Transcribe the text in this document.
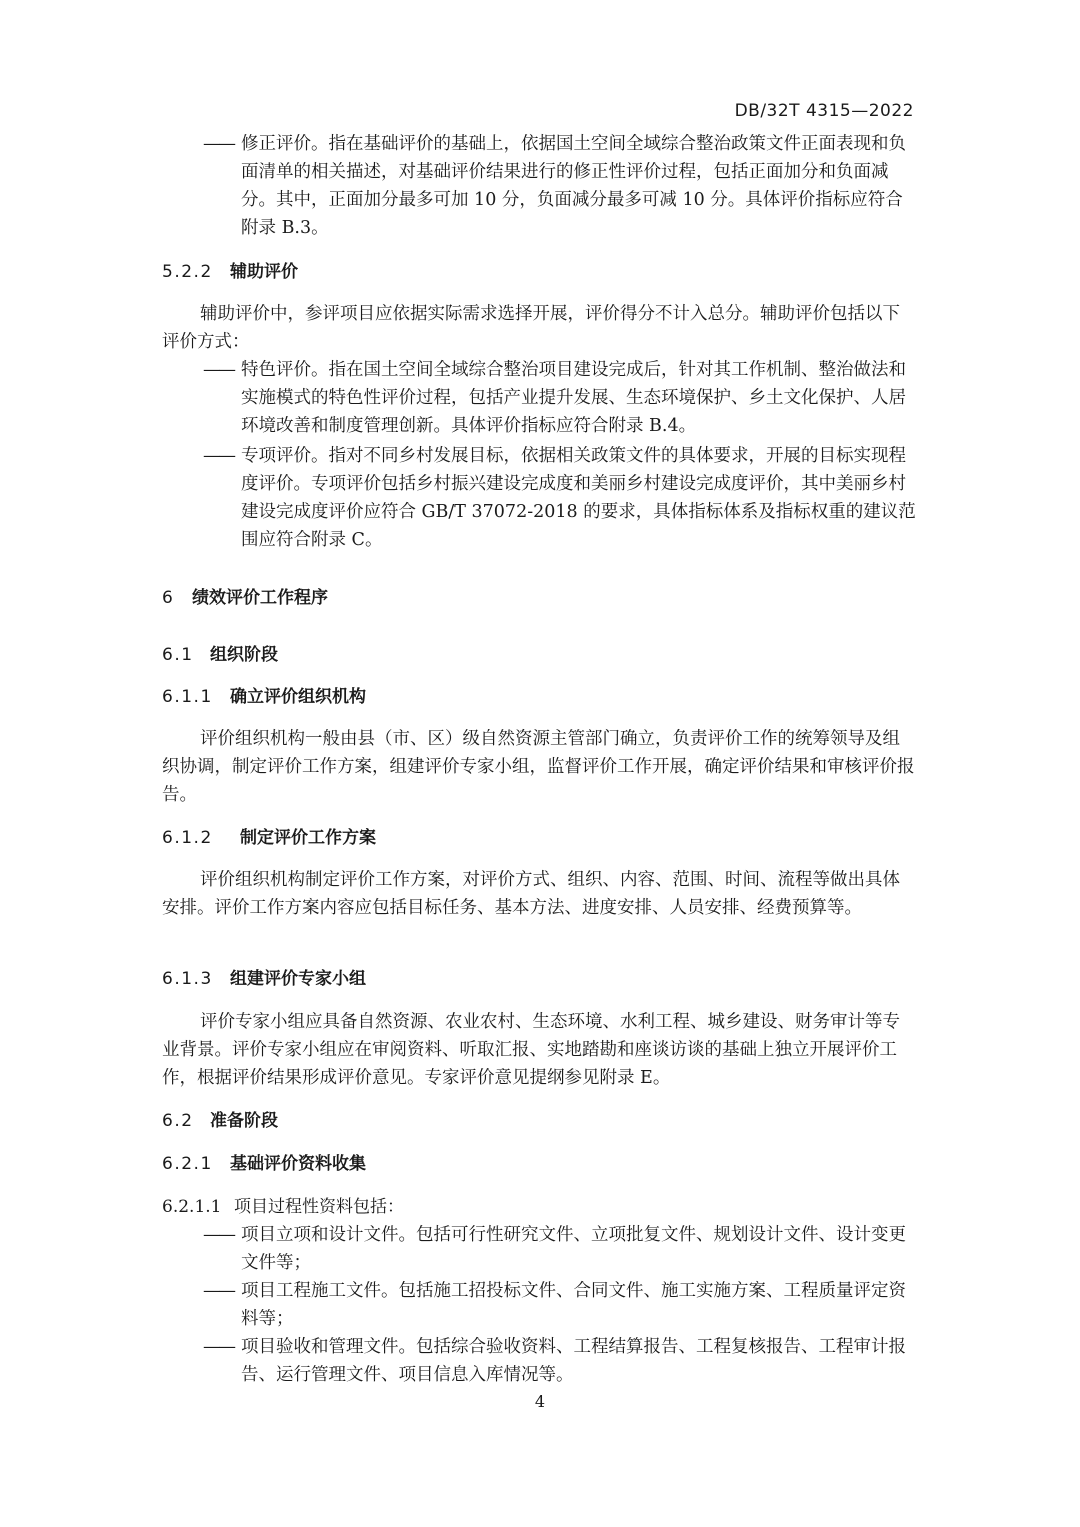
DB/32T 4315—2022
—— 修正评价。指在基础评价的基础上，依据国土空间全域综合整治政策文件正面表现和负面清单的相关描述，对基础评价结果进行的修正性评价过程，包括正面加分和负面减分。其中，正面加分最多可加 10 分，负面减分最多可减 10 分。具体评价指标应符合附录 B.3。
5.2.2 辅助评价
辅助评价中，参评项目应依据实际需求选择开展，评价得分不计入总分。辅助评价包括以下评价方式：
—— 特色评价。指在国土空间全域综合整治项目建设完成后，针对其工作机制、整治做法和实施模式的特色性评价过程，包括产业提升发展、生态环境保护、乡土文化保护、人居环境改善和制度管理创新。具体评价指标应符合附录 B.4。
—— 专项评价。指对不同乡村发展目标，依据相关政策文件的具体要求，开展的目标实现程度评价。专项评价包括乡村振兴建设完成度和美丽乡村建设完成度评价，其中美丽乡村建设完成度评价应符合 GB/T 37072-2018 的要求，具体指标体系及指标权重的建议范围应符合附录 C。
6 绩效评价工作程序
6.1 组织阶段
6.1.1 确立评价组织机构
评价组织机构一般由县（市、区）级自然资源主管部门确立，负责评价工作的统筹领导及组织协调，制定评价工作方案，组建评价专家小组，监督评价工作开展，确定评价结果和审核评价报告。
6.1.2 制定评价工作方案
评价组织机构制定评价工作方案，对评价方式、组织、内容、范围、时间、流程等做出具体安排。评价工作方案内容应包括目标任务、基本方法、进度安排、人员安排、经费预算等。
6.1.3 组建评价专家小组
评价专家小组应具备自然资源、农业农村、生态环境、水利工程、城乡建设、财务审计等专业背景。评价专家小组应在审阅资料、听取汇报、实地踏勘和座谈访谈的基础上独立开展评价工作，根据评价结果形成评价意见。专家评价意见提纲参见附录 E。
6.2 准备阶段
6.2.1 基础评价资料收集
6.2.1.1 项目过程性资料包括：
—— 项目立项和设计文件。包括可行性研究文件、立项批复文件、规划设计文件、设计变更文件等；
—— 项目工程施工文件。包括施工招投标文件、合同文件、施工实施方案、工程质量评定资料等；
—— 项目验收和管理文件。包括综合验收资料、工程结算报告、工程复核报告、工程审计报告、运行管理文件、项目信息入库情况等。
4
